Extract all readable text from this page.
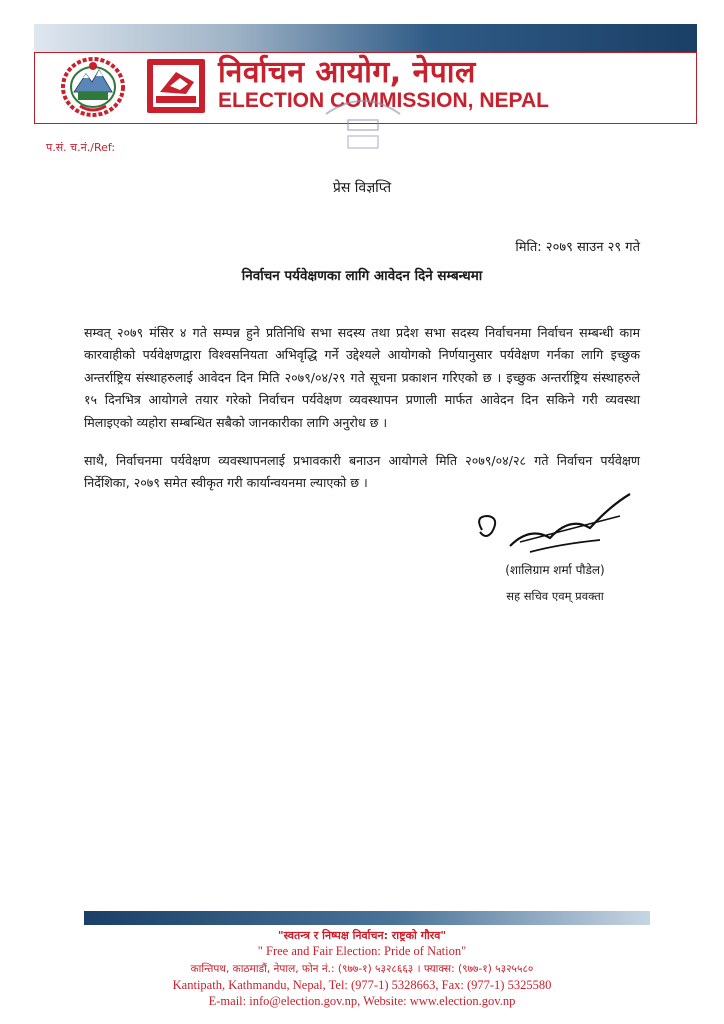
निर्वाचन आयोग, नेपाल
ELECTION COMMISSION, NEPAL
प.सं. च.नं./Ref:
प्रेस विज्ञप्ति
मिति: २०७९ साउन २९ गते
निर्वाचन पर्यवेक्षणका लागि आवेदन दिने सम्बन्धमा
सम्वत् २०७९ मंसिर ४ गते सम्पन्न हुने प्रतिनिधि सभा सदस्य तथा प्रदेश सभा सदस्य निर्वाचनमा निर्वाचन सम्बन्धी काम कारवाहीको पर्यवेक्षणद्वारा विश्वसनियता अभिवृद्धि गर्ने उद्देश्यले आयोगको निर्णयानुसार पर्यवेक्षण गर्नका लागि इच्छुक अन्तर्राष्ट्रिय संस्थाहरुलाई आवेदन दिन मिति २०७९/०४/२९ गते सूचना प्रकाशन गरिएको छ । इच्छुक अन्तर्राष्ट्रिय संस्थाहरुले १५ दिनभित्र आयोगले तयार गरेको निर्वाचन पर्यवेक्षण व्यवस्थापन प्रणाली मार्फत आवेदन दिन सकिने गरी व्यवस्था मिलाइएको व्यहोरा सम्बन्धित सबैको जानकारीका लागि अनुरोध छ ।
साथै, निर्वाचनमा पर्यवेक्षण व्यवस्थापनलाई प्रभावकारी बनाउन आयोगले मिति २०७९/०४/२८ गते निर्वाचन पर्यवेक्षण निर्देशिका, २०७९ समेत स्वीकृत गरी कार्यान्वयनमा ल्याएको छ ।
(शालिग्राम शर्मा पौडेल)
सह सचिव एवम् प्रवक्ता
"स्वतन्त्र र निष्पक्ष निर्वाचन: राष्ट्रको गौरव"
" Free and Fair Election: Pride of Nation"
कान्तिपथ, काठमाडौं, नेपाल, फोन नं.: (९७७-१) ५३२८६६३ । फ्याक्स: (९७७-१) ५३२५५८०
Kantipath, Kathmandu, Nepal, Tel: (977-1) 5328663, Fax: (977-1) 5325580
E-mail: info@election.gov.np, Website: www.election.gov.np
